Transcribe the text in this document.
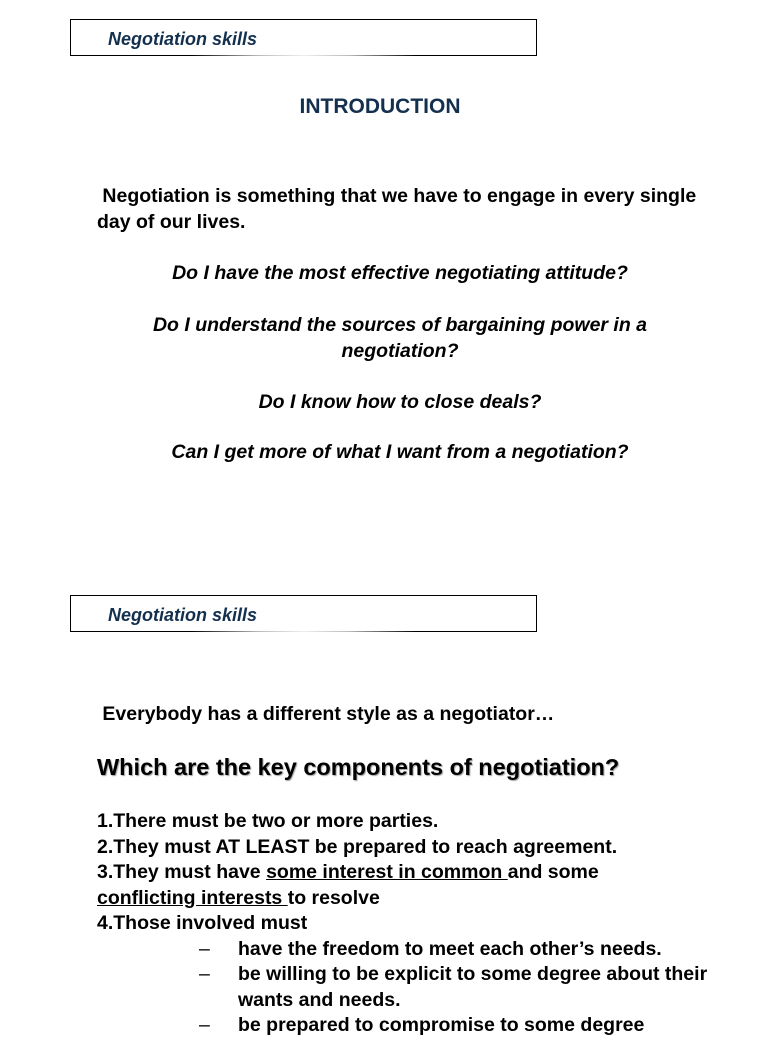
Negotiation skills
INTRODUCTION
Negotiation is something that we have to engage in every single day of our lives.
Do I have the most effective negotiating attitude?
Do I understand the sources of bargaining power in a negotiation?
Do I know how to close deals?
Can I get more of what I want from a negotiation?
Negotiation skills
Everybody has a different style as a negotiator…
Which are the key components of negotiation?
1.There must be two or more parties.
2.They must AT LEAST be prepared to reach agreement.
3.They must have some interest in common and some
conflicting interests to resolve
4.Those involved must
– have the freedom to meet each other’s needs.
– be willing to be explicit to some degree about their wants and needs.
– be prepared to compromise to some degree
